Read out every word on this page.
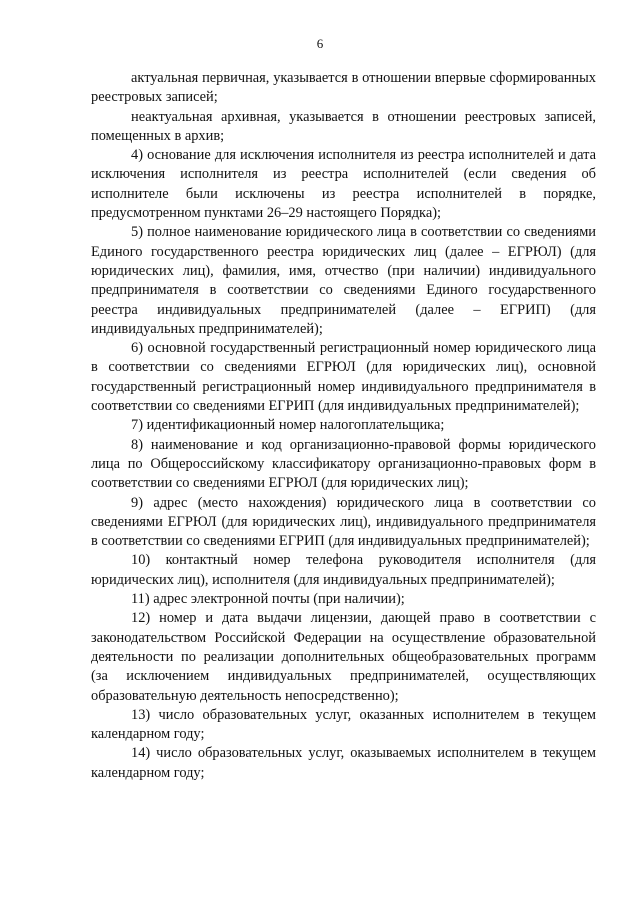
6

актуальная первичная, указывается в отношении впервые сформированных реестровых записей;

неактуальная архивная, указывается в отношении реестровых записей, помещенных в архив;

4) основание для исключения исполнителя из реестра исполнителей и дата исключения исполнителя из реестра исполнителей (если сведения об исполнителе были исключены из реестра исполнителей в порядке, предусмотренном пунктами 26–29 настоящего Порядка);

5) полное наименование юридического лица в соответствии со сведениями Единого государственного реестра юридических лиц (далее – ЕГРЮЛ) (для юридических лиц), фамилия, имя, отчество (при наличии) индивидуального предпринимателя в соответствии со сведениями Единого государственного реестра индивидуальных предпринимателей (далее – ЕГРИП) (для индивидуальных предпринимателей);

6) основной государственный регистрационный номер юридического лица в соответствии со сведениями ЕГРЮЛ (для юридических лиц), основной государственный регистрационный номер индивидуального предпринимателя в соответствии со сведениями ЕГРИП (для индивидуальных предпринимателей);

7) идентификационный номер налогоплательщика;

8) наименование и код организационно-правовой формы юридического лица по Общероссийскому классификатору организационно-правовых форм в соответствии со сведениями ЕГРЮЛ (для юридических лиц);

9) адрес (место нахождения) юридического лица в соответствии со сведениями ЕГРЮЛ (для юридических лиц), индивидуального предпринимателя в соответствии со сведениями ЕГРИП (для индивидуальных предпринимателей);

10) контактный номер телефона руководителя исполнителя (для юридических лиц), исполнителя (для индивидуальных предпринимателей);

11) адрес электронной почты (при наличии);

12) номер и дата выдачи лицензии, дающей право в соответствии с законодательством Российской Федерации на осуществление образовательной деятельности по реализации дополнительных общеобразовательных программ (за исключением индивидуальных предпринимателей, осуществляющих образовательную деятельность непосредственно);

13) число образовательных услуг, оказанных исполнителем в текущем календарном году;

14) число образовательных услуг, оказываемых исполнителем в текущем календарном году;
